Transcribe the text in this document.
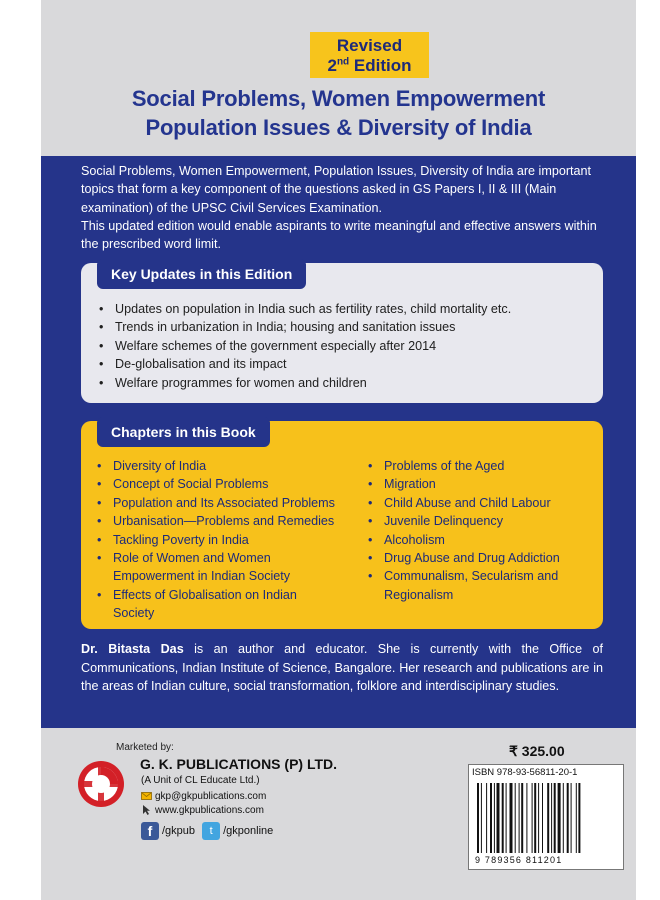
Revised
2nd Edition
Social Problems, Women Empowerment
Population Issues & Diversity of India

Social Problems, Women Empowerment, Population Issues, Diversity of India are important topics that form a key component of the questions asked in GS Papers I, II & III (Main examination) of the UPSC Civil Services Examination.

This updated edition would enable aspirants to write meaningful and effective answers within the prescribed word limit.

Key Updates in this Edition
• Updates on population in India such as fertility rates, child mortality etc.
• Trends in urbanization in India; housing and sanitation issues
• Welfare schemes of the government especially after 2014
• De-globalisation and its impact
• Welfare programmes for women and children
Chapters in this Book
• Diversity of India
• Concept of Social Problems
• Population and Its Associated Problems
• Urbanisation—Problems and Remedies
• Tackling Poverty in India
• Role of Women and Women
Empowerment in Indian Society
• Effects of Globalisation on Indian
Society
• Problems of the Aged
• Migration
• Child Abuse and Child Labour
• Juvenile Delinquency
• Alcoholism
• Drug Abuse and Drug Addiction
• Communalism, Secularism and
Regionalism
Dr. Bitasta Das is an author and educator. She is currently with the Office of Communications, Indian Institute of Science, Bangalore. Her research and publications are in the areas of Indian culture, social transformation, folklore and interdisciplinary studies.
Marketed by:
G. K. PUBLICATIONS (P) LTD.
(A Unit of CL Educate Ltd.)
gkp@gkpublications.com
www.gkpublications.com
f /gkpub t /gkponline
₹ 325.00
ISBN 978-93-56811-20-1
9 789356 811201
